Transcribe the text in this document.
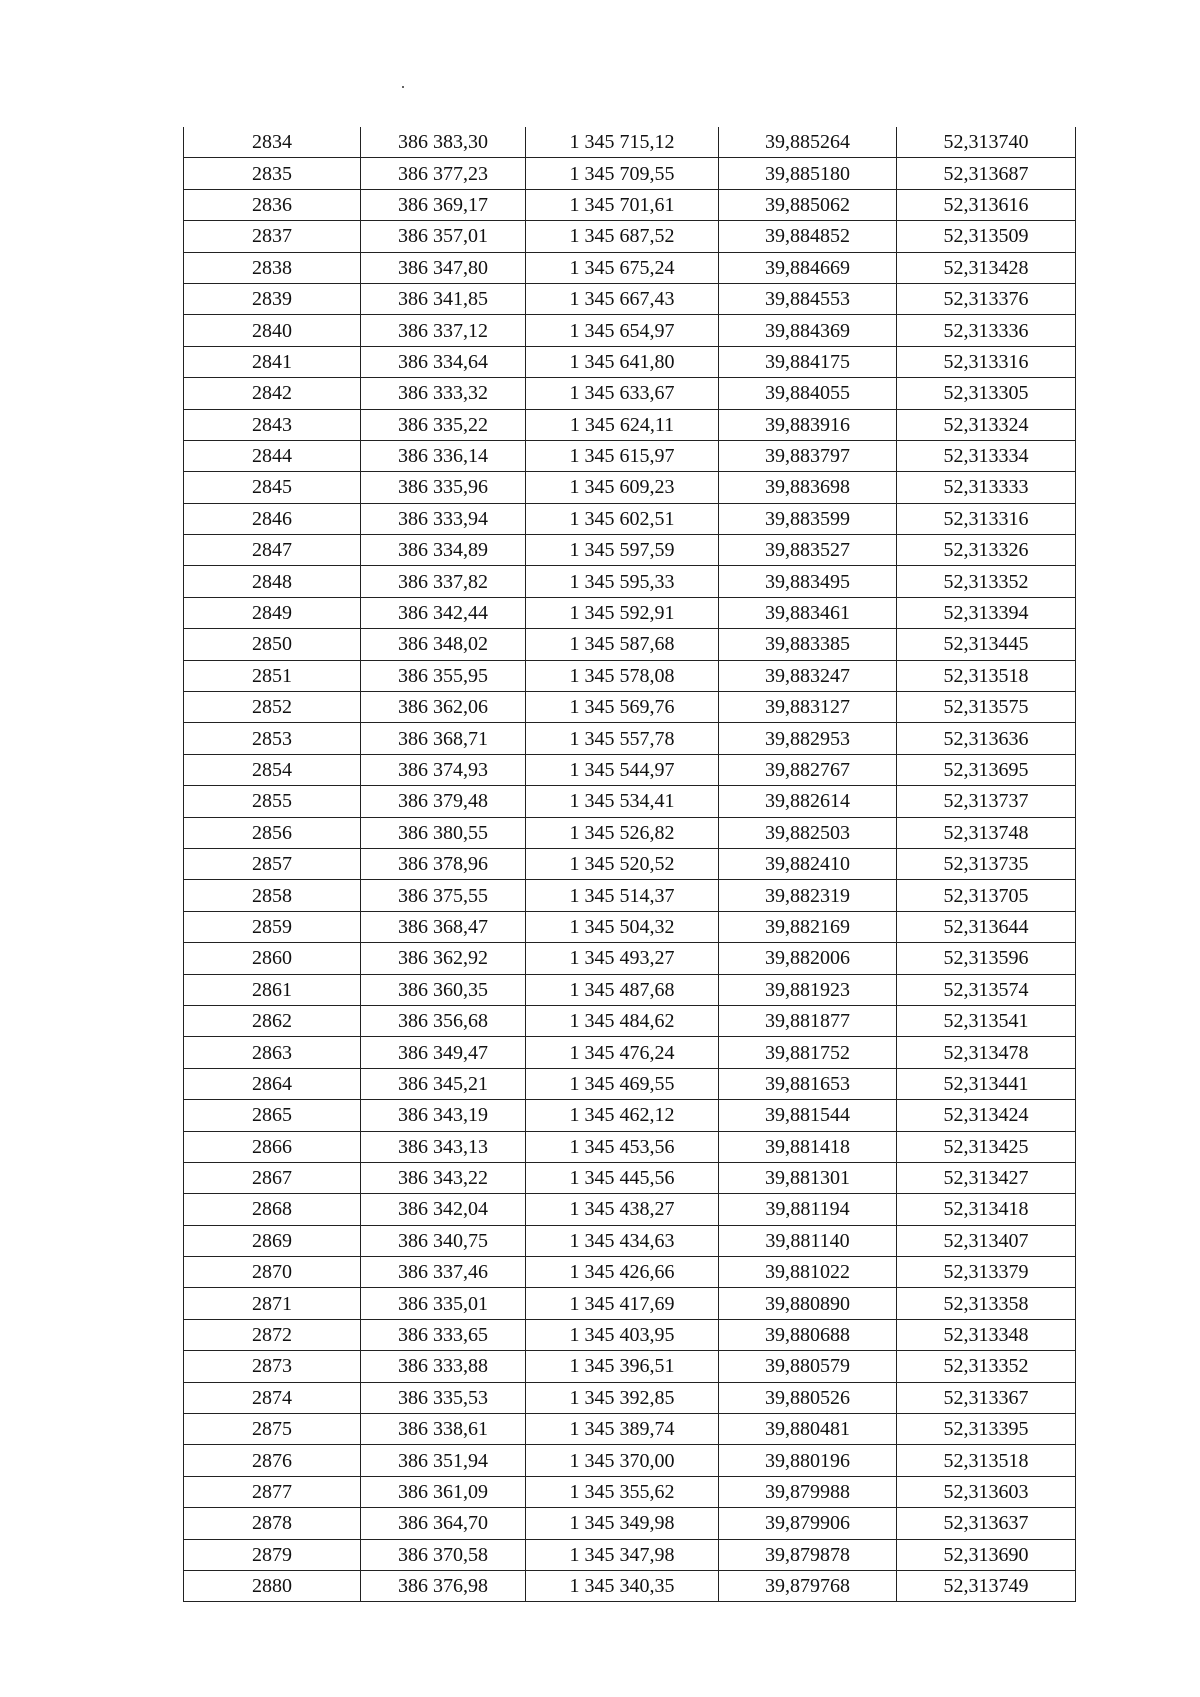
2834	386 383,30	1 345 715,12	39,885264	52,313740
2835	386 377,23	1 345 709,55	39,885180	52,313687
2836	386 369,17	1 345 701,61	39,885062	52,313616
2837	386 357,01	1 345 687,52	39,884852	52,313509
2838	386 347,80	1 345 675,24	39,884669	52,313428
2839	386 341,85	1 345 667,43	39,884553	52,313376
2840	386 337,12	1 345 654,97	39,884369	52,313336
2841	386 334,64	1 345 641,80	39,884175	52,313316
2842	386 333,32	1 345 633,67	39,884055	52,313305
2843	386 335,22	1 345 624,11	39,883916	52,313324
2844	386 336,14	1 345 615,97	39,883797	52,313334
2845	386 335,96	1 345 609,23	39,883698	52,313333
2846	386 333,94	1 345 602,51	39,883599	52,313316
2847	386 334,89	1 345 597,59	39,883527	52,313326
2848	386 337,82	1 345 595,33	39,883495	52,313352
2849	386 342,44	1 345 592,91	39,883461	52,313394
2850	386 348,02	1 345 587,68	39,883385	52,313445
2851	386 355,95	1 345 578,08	39,883247	52,313518
2852	386 362,06	1 345 569,76	39,883127	52,313575
2853	386 368,71	1 345 557,78	39,882953	52,313636
2854	386 374,93	1 345 544,97	39,882767	52,313695
2855	386 379,48	1 345 534,41	39,882614	52,313737
2856	386 380,55	1 345 526,82	39,882503	52,313748
2857	386 378,96	1 345 520,52	39,882410	52,313735
2858	386 375,55	1 345 514,37	39,882319	52,313705
2859	386 368,47	1 345 504,32	39,882169	52,313644
2860	386 362,92	1 345 493,27	39,882006	52,313596
2861	386 360,35	1 345 487,68	39,881923	52,313574
2862	386 356,68	1 345 484,62	39,881877	52,313541
2863	386 349,47	1 345 476,24	39,881752	52,313478
2864	386 345,21	1 345 469,55	39,881653	52,313441
2865	386 343,19	1 345 462,12	39,881544	52,313424
2866	386 343,13	1 345 453,56	39,881418	52,313425
2867	386 343,22	1 345 445,56	39,881301	52,313427
2868	386 342,04	1 345 438,27	39,881194	52,313418
2869	386 340,75	1 345 434,63	39,881140	52,313407
2870	386 337,46	1 345 426,66	39,881022	52,313379
2871	386 335,01	1 345 417,69	39,880890	52,313358
2872	386 333,65	1 345 403,95	39,880688	52,313348
2873	386 333,88	1 345 396,51	39,880579	52,313352
2874	386 335,53	1 345 392,85	39,880526	52,313367
2875	386 338,61	1 345 389,74	39,880481	52,313395
2876	386 351,94	1 345 370,00	39,880196	52,313518
2877	386 361,09	1 345 355,62	39,879988	52,313603
2878	386 364,70	1 345 349,98	39,879906	52,313637
2879	386 370,58	1 345 347,98	39,879878	52,313690
2880	386 376,98	1 345 340,35	39,879768	52,313749
